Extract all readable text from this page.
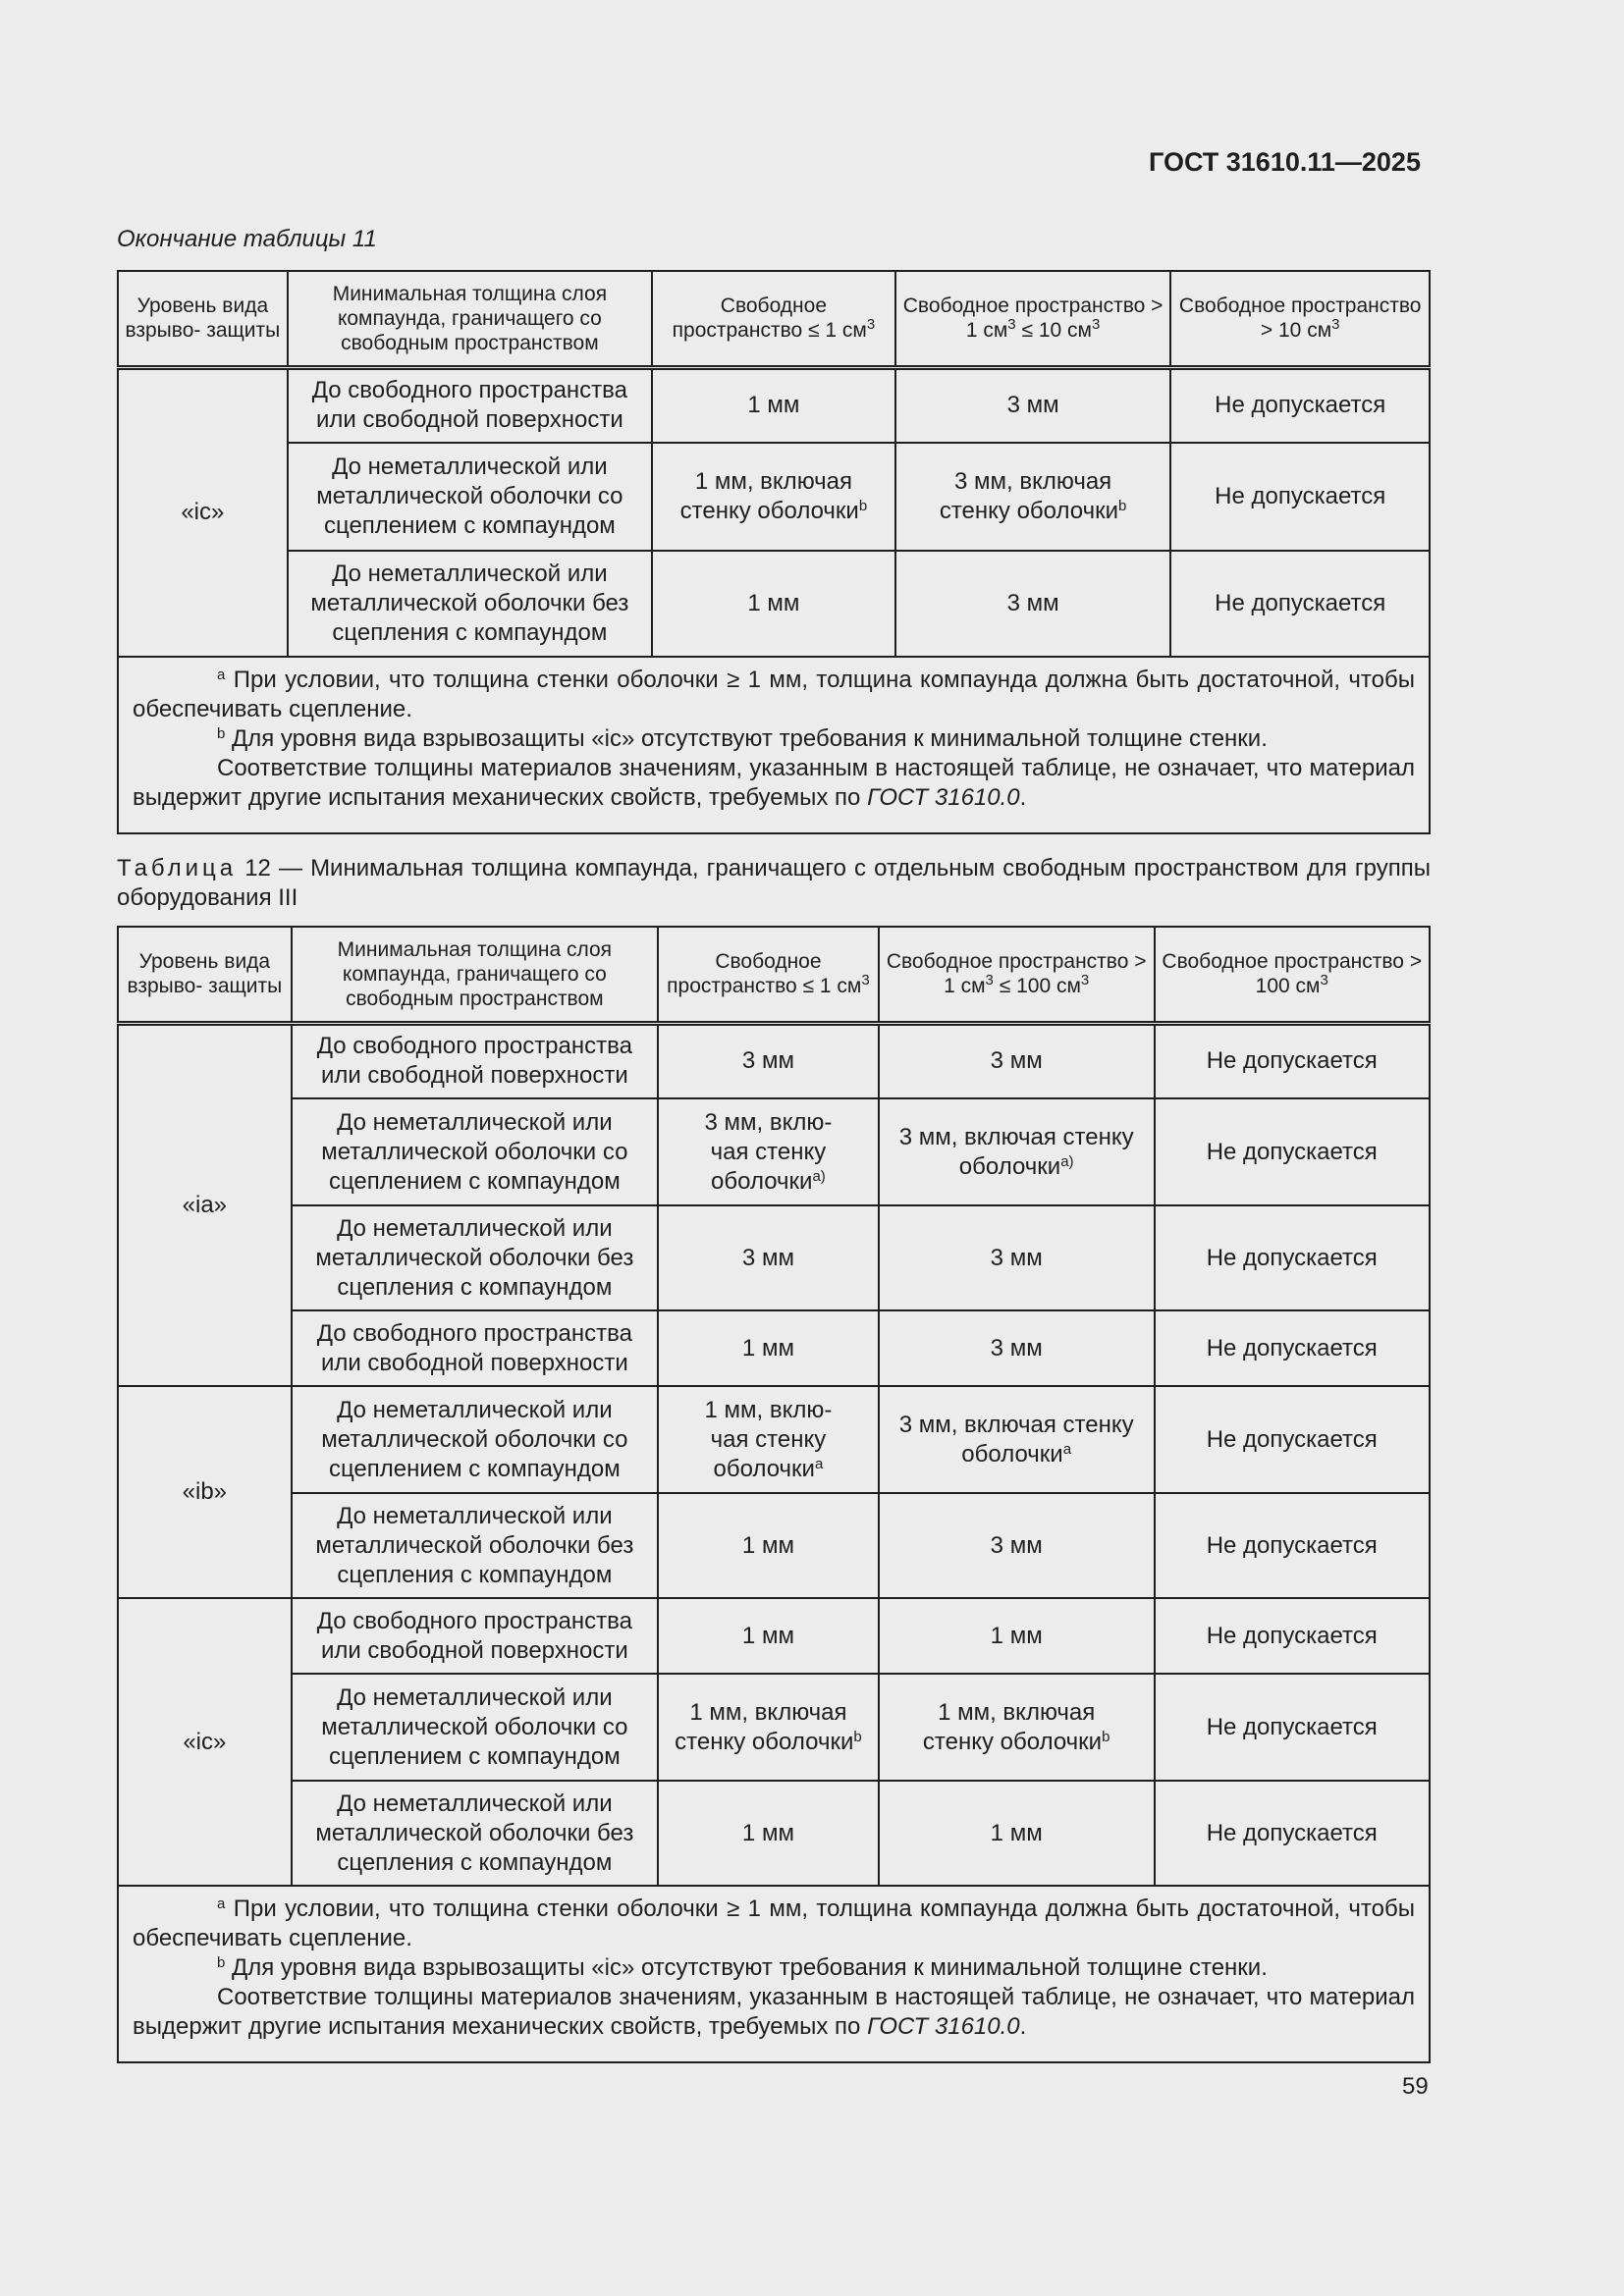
ГОСТ 31610.11—2025
Окончание таблицы 11
Уровень вида взрыво- защиты	Минимальная толщина слоя компаунда, граничащего со свободным пространством	Свободное пространство ≤ 1 $см^3$	Свободное пространство > 1 $см^3 \le 10$ $см^3$	Свободное пространство > 10 $см^3$
«ic»	До свободного пространства или свободной поверхности	1 мм	3 мм	Не допускается
	До неметаллической или металлической оболочки со сцеплением с компаундом	1 мм, включая стенку оболочки$^b$	3 мм, включая стенку оболочки$^b$	Не допускается
	До неметаллической или металлической оболочки без сцепления с компаундом	1 мм	3 мм	Не допускается

$^a$ При условии, что толщина стенки оболочки ≥ 1 мм, толщина компаунда должна быть достаточной, чтобы обеспечивать сцепление.

$^b$ Для уровня вида взрывозащиты «ic» отсутствуют требования к минимальной толщине стенки.

Соответствие толщины материалов значениям, указанным в настоящей таблице, не означает, что материал выдержит другие испытания механических свойств, требуемых по ГОСТ 31610.0.				

Таблица 12 — Минимальная толщина компаунда, граничащего с отдельным свободным пространством для группы оборудования III
Уровень вида взрыво- защиты	Минимальная толщина слоя компаунда, граничащего со свободным пространством	Свободное пространство ≤ 1 $см^3$	Свободное пространство > 1 $см^3 \le 100$ $см^3$	Свободное пространство > 100 $см^3$
«ia»	До свободного пространства или свободной поверхности	3 мм	3 мм	Не допускается
	До неметаллической или металлической оболочки со сцеплением с компаундом	3 мм, вклю- чая стенку оболочки$^{а)}$	3 мм, включая стенку оболочки$^{а)}$	Не допускается
	До неметаллической или металлической оболочки без сцепления с компаундом	3 мм	3 мм	Не допускается
	До свободного пространства или свободной поверхности	1 мм	3 мм	Не допускается
«ib»	До неметаллической или металлической оболочки со сцеплением с компаундом	1 мм, вклю- чая стенку оболочки$^a$	3 мм, включая стенку оболочки$^a$	Не допускается
	До неметаллической или металлической оболочки без сцепления с компаундом	1 мм	3 мм	Не допускается
«ic»	До свободного пространства или свободной поверхности	1 мм	1 мм	Не допускается
	До неметаллической или металлической оболочки со сцеплением с компаундом	1 мм, включая стенку оболочки$^b$	1 мм, включая стенку оболочки$^b$	Не допускается
	До неметаллической или металлической оболочки без сцепления с компаундом	1 мм	1 мм	Не допускается

$^a$ При условии, что толщина стенки оболочки ≥ 1 мм, толщина компаунда должна быть достаточной, чтобы обеспечивать сцепление.

$^b$ Для уровня вида взрывозащиты «ic» отсутствуют требования к минимальной толщине стенки.

Соответствие толщины материалов значениям, указанным в настоящей таблице, не означает, что материал выдержит другие испытания механических свойств, требуемых по ГОСТ 31610.0.				

59
